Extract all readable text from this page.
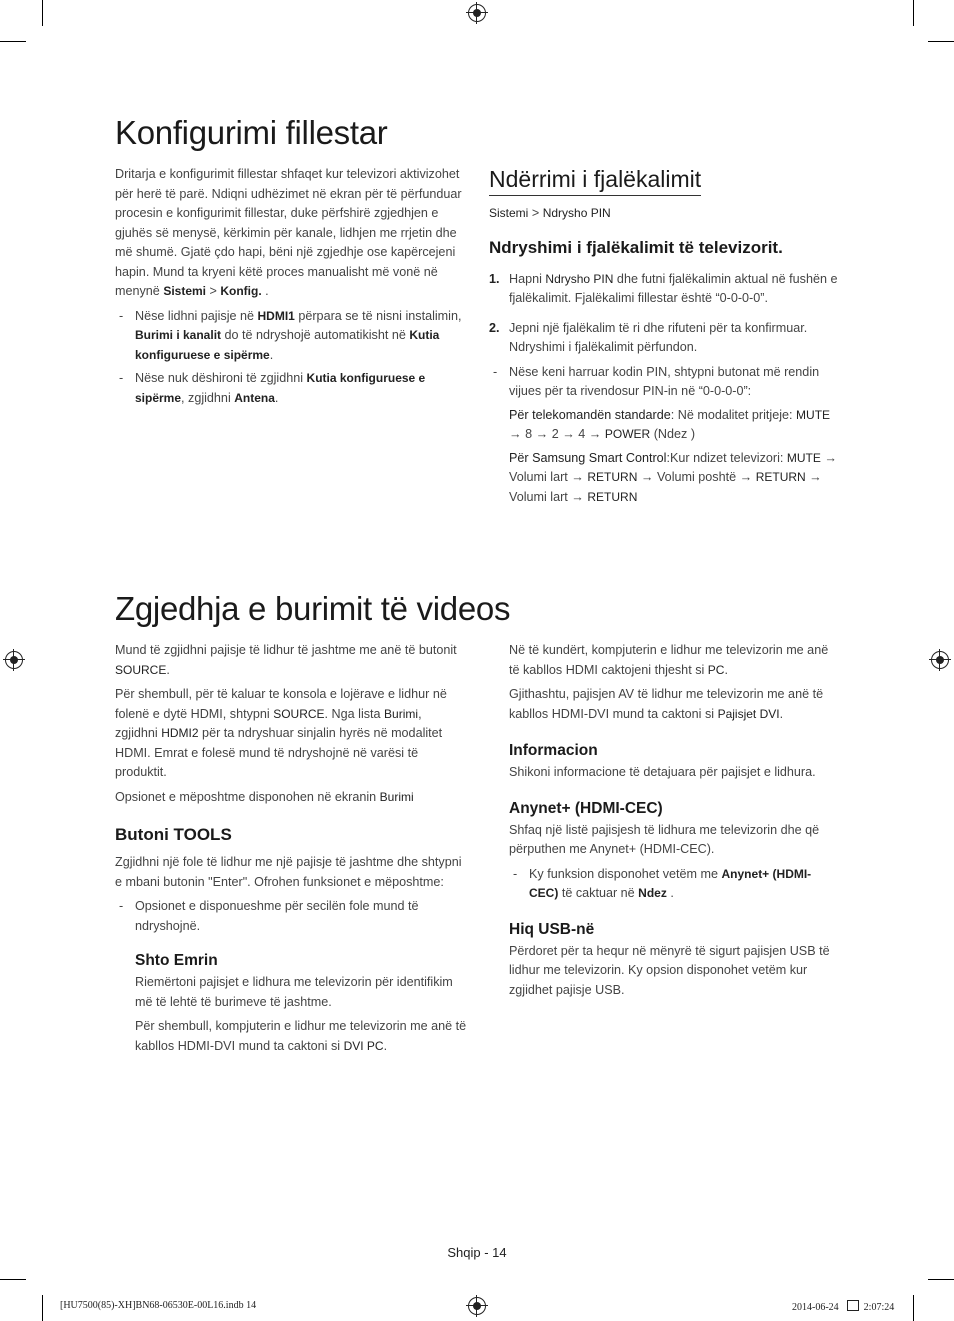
Konfigurimi fillestar

Dritarja e konfigurimit fillestar shfaqet kur televizori aktivizohet për herë të parë. Ndiqni udhëzimet në ekran për të përfunduar procesin e konfigurimit fillestar, duke përfshirë zgjedhjen e gjuhës së menysë, kërkimin për kanale, lidhjen me rrjetin dhe më shumë. Gjatë çdo hapi, bëni një zgjedhje ose kapërcejeni hapin. Mund ta kryeni këtë proces manualisht më vonë në menynë Sistemi > Konfig. .

- Nëse lidhni pajisje në HDMI1 përpara se të nisni instalimin, Burimi i kanalit do të ndryshojë automatikisht në Kutia konfiguruese e sipërme.
- Nëse nuk dëshironi të zgjidhni Kutia konfiguruese e sipërme, zgjidhni Antena.
Ndërrimi i fjalëkalimit

Sistemi > Ndrysho PIN

Ndryshimi i fjalëkalimit të televizorit.
1. Hapni Ndrysho PIN dhe futni fjalëkalimin aktual në fushën e fjalëkalimit. Fjalëkalimi fillestar është “0-0-0-0”.
2. Jepni një fjalëkalim të ri dhe rifuteni për ta konfirmuar. Ndryshimi i fjalëkalimit përfundon.
- Nëse keni harruar kodin PIN, shtypni butonat më rendin vijues për ta rivendosur PIN-in në “0-0-0-0”:
Për telekomandën standarde: Në modalitet pritjeje: MUTE → 8 → 2 → 4 → POWER (Ndez )
Për Samsung Smart Control:Kur ndizet televizori: MUTE → Volumi lart → RETURN → Volumi poshtë → RETURN → Volumi lart → RETURN
Zgjedhja e burimit të videos

Mund të zgjidhni pajisje të lidhur të jashtme me anë të butonit SOURCE.

Për shembull, për të kaluar te konsola e lojërave e lidhur në folenë e dytë HDMI, shtypni SOURCE. Nga lista Burimi, zgjidhni HDMI2 për ta ndryshuar sinjalin hyrës në modalitet HDMI. Emrat e folesë mund të ndryshojnë në varësi të produktit.

Opsionet e mëposhtme disponohen në ekranin Burimi

Butoni TOOLS

Zgjidhni një fole të lidhur me një pajisje të jashtme dhe shtypni e mbani butonin "Enter". Ofrohen funksionet e mëposhtme:

- Opsionet e disponueshme për secilën fole mund të ndryshojnë.
Shto Emrin

Riemërtoni pajisjet e lidhura me televizorin për identifikim më të lehtë të burimeve të jashtme.

Për shembull, kompjuterin e lidhur me televizorin me anë të kabllos HDMI-DVI mund ta caktoni si DVI PC.

Në të kundërt, kompjuterin e lidhur me televizorin me anë të kabllos HDMI caktojeni thjesht si PC.

Gjithashtu, pajisjen AV të lidhur me televizorin me anë të kabllos HDMI-DVI mund ta caktoni si Pajisjet DVI.

Informacion

Shikoni informacione të detajuara për pajisjet e lidhura.

Anynet+ (HDMI-CEC)

Shfaq një listë pajisjesh të lidhura me televizorin dhe që përputhen me Anynet+ (HDMI-CEC).

- Ky funksion disponohet vetëm me Anynet+ (HDMI-CEC) të caktuar në Ndez .
Hiq USB-në

Përdoret për ta hequr në mënyrë të sigurt pajisjen USB të lidhur me televizorin. Ky opsion disponohet vetëm kur zgjidhet pajisje USB.

Shqip - 14
[HU7500(85)-XH]BN68-06530E-00L16.indb 14	2014-06-24	2:07:24
